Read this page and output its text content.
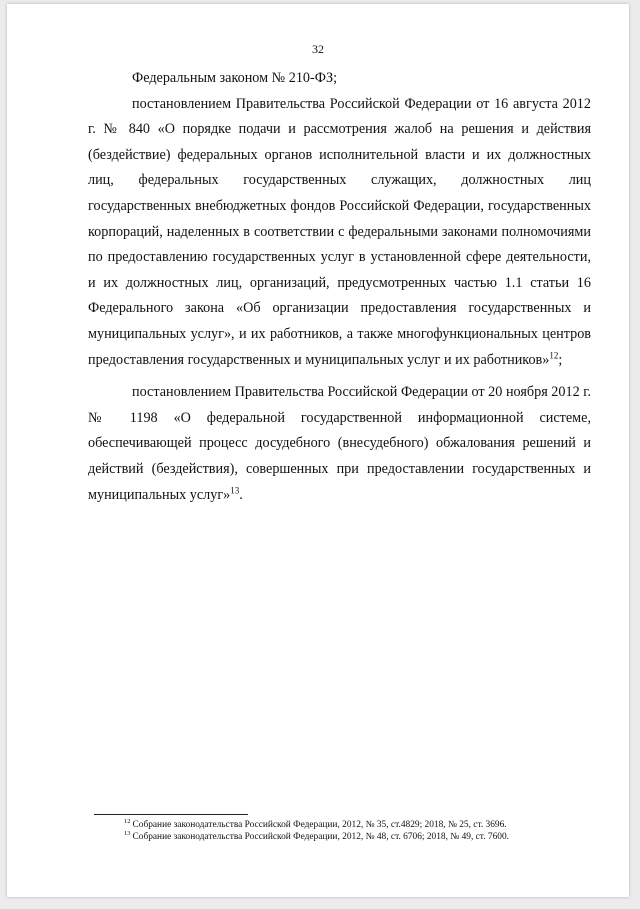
32

Федеральным законом № 210-ФЗ;

постановлением Правительства Российской Федерации от 16 августа 2012 г. № 840 «О порядке подачи и рассмотрения жалоб на решения и действия (бездействие) федеральных органов исполнительной власти и их должностных лиц, федеральных государственных служащих, должностных лиц государственных внебюджетных фондов Российской Федерации, государственных корпораций, наделенных в соответствии с федеральными законами полномочиями по предоставлению государственных услуг в установленной сфере деятельности, и их должностных лиц, организаций, предусмотренных частью 1.1 статьи 16 Федерального закона «Об организации предоставления государственных и муниципальных услуг», и их работников, а также многофункциональных центров предоставления государственных и муниципальных услуг и их работников»$^{12}$;

постановлением Правительства Российской Федерации от 20 ноября 2012 г. № 1198 «О федеральной государственной информационной системе, обеспечивающей процесс досудебного (внесудебного) обжалования решений и действий (бездействия), совершенных при предоставлении государственных и муниципальных услуг»$^{13}$.

$^{12}$ Собрание законодательства Российской Федерации, 2012, № 35, ст.4829; 2018, № 25, ст. 3696.

$^{13}$ Собрание законодательства Российской Федерации, 2012, № 48, ст. 6706; 2018, № 49, ст. 7600.
